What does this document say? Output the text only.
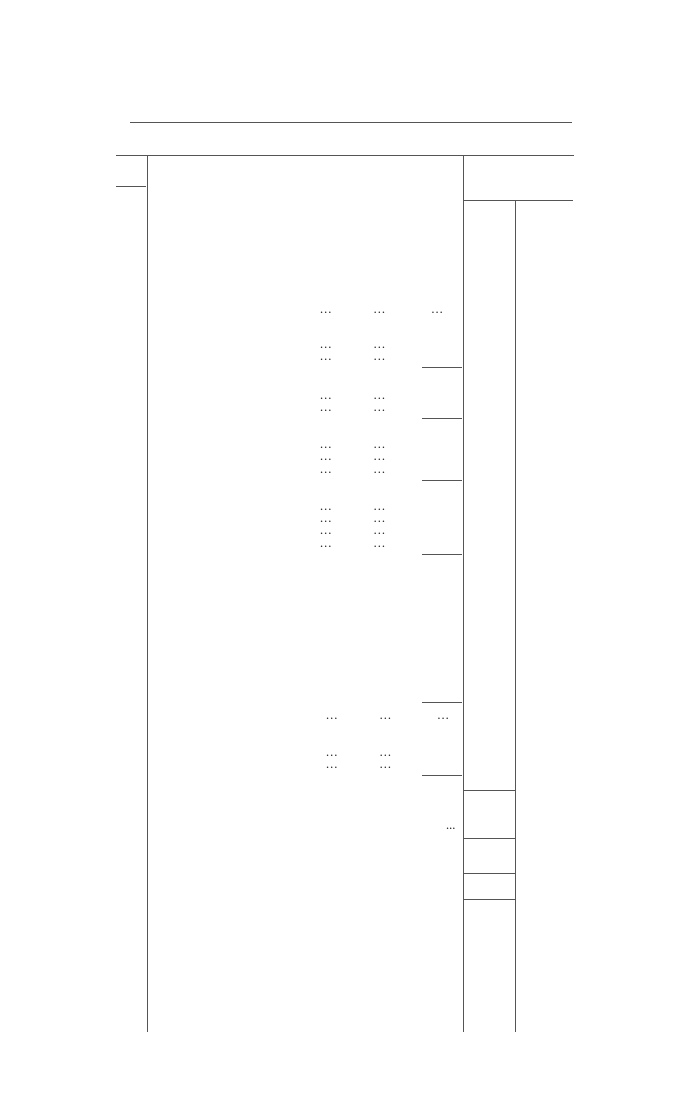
...          ...           ...
...          ...
...          ...
...          ...
...          ...
...          ...
...          ...
...          ...
...          ...
...          ...
...          ...
...          ...
...          ...           ...
...          ...
...          ...
...
